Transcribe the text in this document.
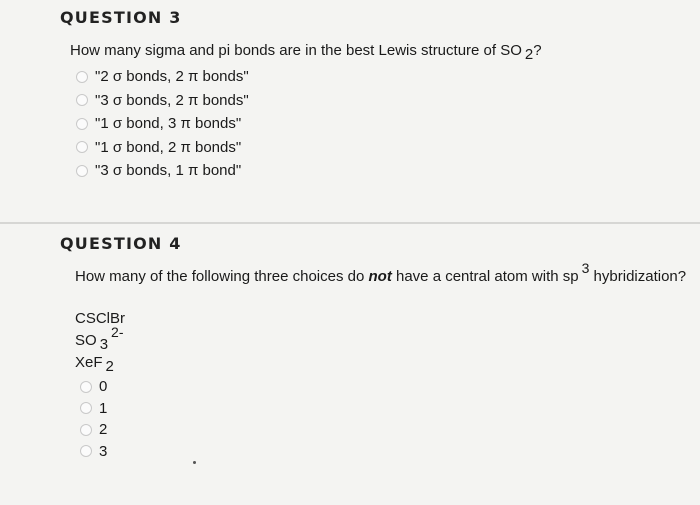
QUESTION 3
How many sigma and pi bonds are in the best Lewis structure of SO $_2$?
"2 σ bonds, 2 π bonds"
"3 σ bonds, 2 π bonds"
"1 σ bond, 3 π bonds"
"1 σ bond, 2 π bonds"
"3 σ bonds, 1 π bond"
QUESTION 4
How many of the following three choices do not have a central atom with sp $^3$ hybridization?
CSClBr
SO $_3^{2-}$
XeF $_2$
0
1
2
3
